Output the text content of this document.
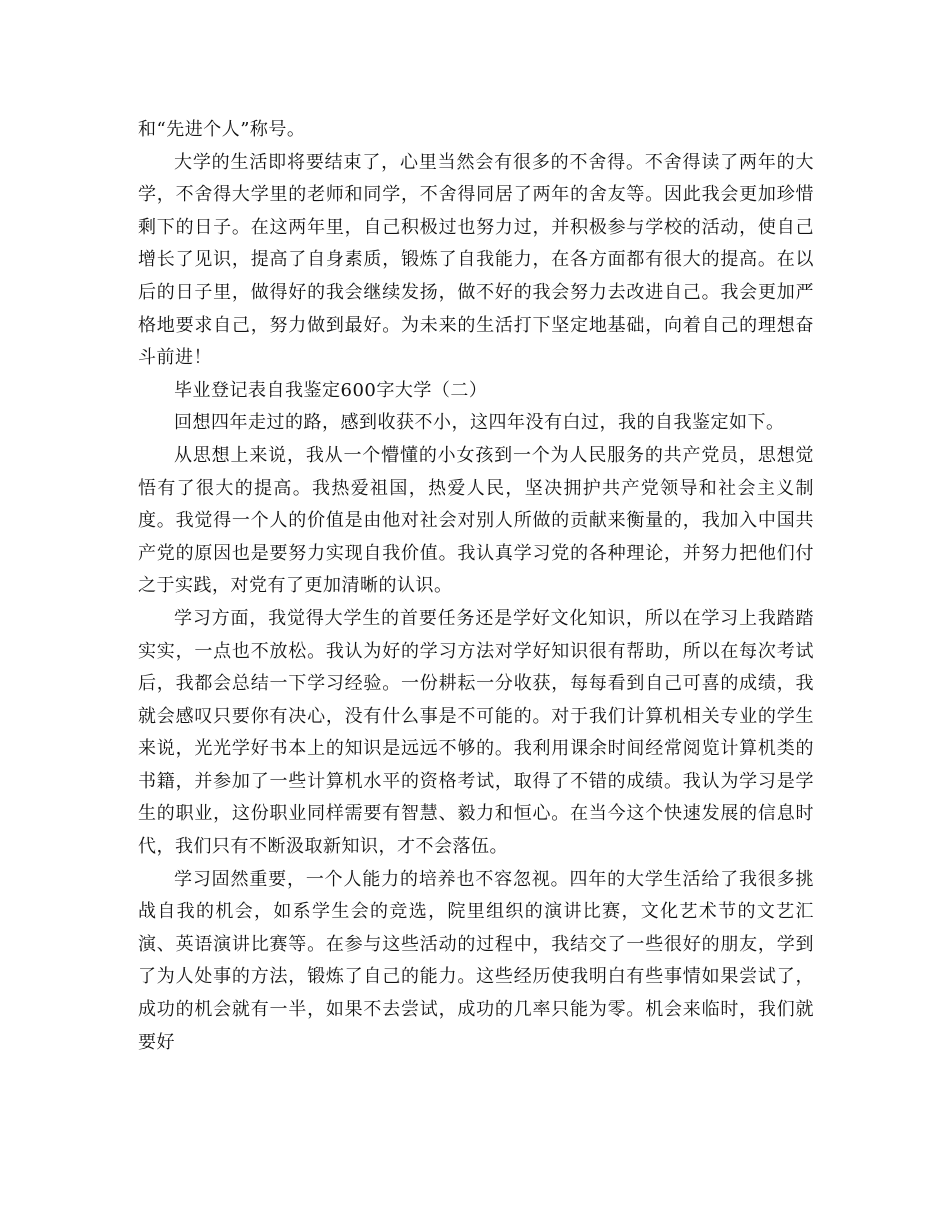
和“先进个人”称号。

大学的生活即将要结束了，心里当然会有很多的不舍得。不舍得读了两年的大学，不舍得大学里的老师和同学，不舍得同居了两年的舍友等。因此我会更加珍惜剩下的日子。在这两年里，自己积极过也努力过，并积极参与学校的活动，使自己增长了见识，提高了自身素质，锻炼了自我能力，在各方面都有很大的提高。在以后的日子里，做得好的我会继续发扬，做不好的我会努力去改进自己。我会更加严格地要求自己，努力做到最好。为未来的生活打下坚定地基础，向着自己的理想奋斗前进！

毕业登记表自我鉴定600字大学（二）

回想四年走过的路，感到收获不小，这四年没有白过，我的自我鉴定如下。

从思想上来说，我从一个懵懂的小女孩到一个为人民服务的共产党员，思想觉悟有了很大的提高。我热爱祖国，热爱人民，坚决拥护共产党领导和社会主义制度。我觉得一个人的价值是由他对社会对别人所做的贡献来衡量的，我加入中国共产党的原因也是要努力实现自我价值。我认真学习党的各种理论，并努力把他们付之于实践，对党有了更加清晰的认识。

学习方面，我觉得大学生的首要任务还是学好文化知识，所以在学习上我踏踏实实，一点也不放松。我认为好的学习方法对学好知识很有帮助，所以在每次考试后，我都会总结一下学习经验。一份耕耘一分收获，每每看到自己可喜的成绩，我就会感叹只要你有决心，没有什么事是不可能的。对于我们计算机相关专业的学生来说，光光学好书本上的知识是远远不够的。我利用课余时间经常阅览计算机类的书籍，并参加了一些计算机水平的资格考试，取得了不错的成绩。我认为学习是学生的职业，这份职业同样需要有智慧、毅力和恒心。在当今这个快速发展的信息时代，我们只有不断汲取新知识，才不会落伍。

学习固然重要，一个人能力的培养也不容忽视。四年的大学生活给了我很多挑战自我的机会，如系学生会的竞选，院里组织的演讲比赛，文化艺术节的文艺汇演、英语演讲比赛等。在参与这些活动的过程中，我结交了一些很好的朋友，学到了为人处事的方法，锻炼了自己的能力。这些经历使我明白有些事情如果尝试了，成功的机会就有一半，如果不去尝试，成功的几率只能为零。机会来临时，我们就要好
